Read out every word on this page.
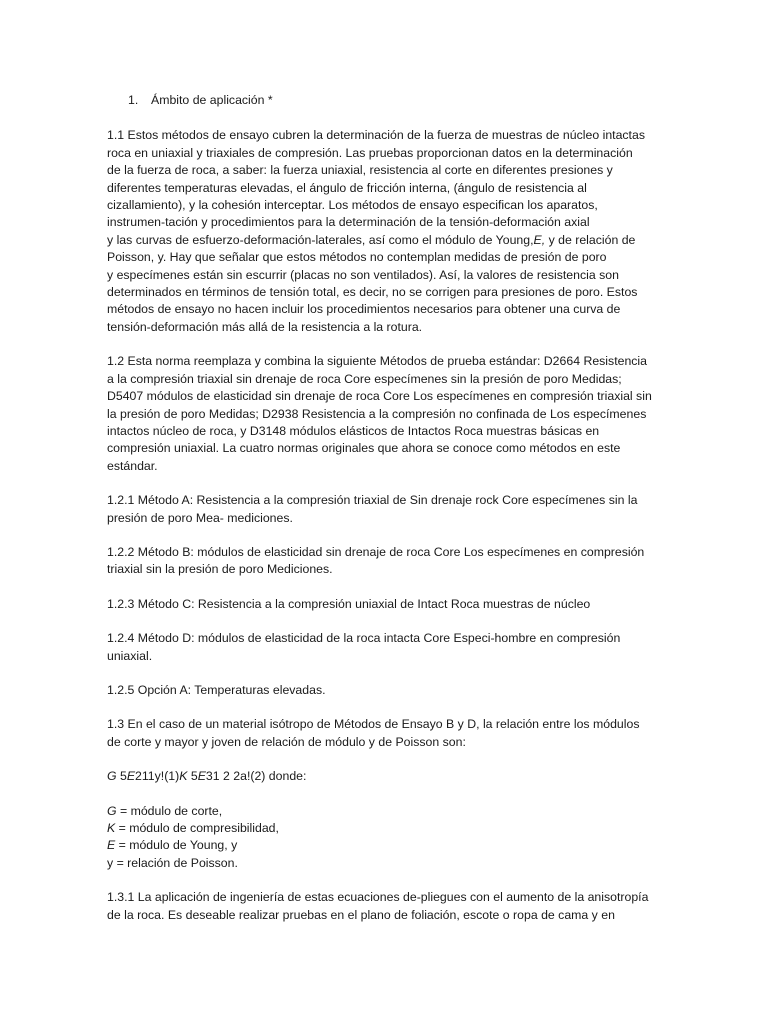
1. Ámbito de aplicación *

1.1 Estos métodos de ensayo cubren la determinación de la fuerza de muestras de núcleo intactas
roca en uniaxial y triaxiales de compresión. Las pruebas proporcionan datos en la determinación
de la fuerza de roca, a saber: la fuerza uniaxial, resistencia al corte en diferentes presiones y
diferentes temperaturas elevadas, el ángulo de fricción interna, (ángulo de resistencia al
cizallamiento), y la cohesión interceptar. Los métodos de ensayo especifican los aparatos,
instrumen-tación y procedimientos para la determinación de la tensión-deformación axial
y las curvas de esfuerzo-deformación-laterales, así como el módulo de Young,E, y de relación de
Poisson, y. Hay que señalar que estos métodos no contemplan medidas de presión de poro
y especímenes están sin escurrir (placas no son ventilados). Así, la valores de resistencia son
determinados en términos de tensión total, es decir, no se corrigen para presiones de poro. Estos
métodos de ensayo no hacen incluir los procedimientos necesarios para obtener una curva de
tensión-deformación más allá de la resistencia a la rotura.

1.2 Esta norma reemplaza y combina la siguiente Métodos de prueba estándar: D2664 Resistencia
a la compresión triaxial sin drenaje de roca Core especímenes sin la presión de poro Medidas;
D5407 módulos de elasticidad sin drenaje de roca Core Los especímenes en compresión triaxial sin
la presión de poro Medidas; D2938 Resistencia a la compresión no confinada de Los especímenes
intactos núcleo de roca, y D3148 módulos elásticos de Intactos Roca muestras básicas en
compresión uniaxial. La cuatro normas originales que ahora se conoce como métodos en este
estándar.

1.2.1 Método A: Resistencia a la compresión triaxial de Sin drenaje rock Core especímenes sin la
presión de poro Mea- mediciones.

1.2.2 Método B: módulos de elasticidad sin drenaje de roca Core Los especímenes en compresión
triaxial sin la presión de poro Mediciones.

1.2.3 Método C: Resistencia a la compresión uniaxial de Intact Roca muestras de núcleo

1.2.4 Método D: módulos de elasticidad de la roca intacta Core Especi-hombre en compresión
uniaxial.

1.2.5 Opción A: Temperaturas elevadas.

1.3 En el caso de un material isótropo de Métodos de Ensayo B y D, la relación entre los módulos
de corte y mayor y joven de relación de módulo y de Poisson son:

G 5E211y!(1)K 5E31 2 2a!(2) donde:
G = módulo de corte,
K = módulo de compresibilidad,
E = módulo de Young, y
y = relación de Poisson.

1.3.1 La aplicación de ingeniería de estas ecuaciones de-pliegues con el aumento de la anisotropía
de la roca. Es deseable realizar pruebas en el plano de foliación, escote o ropa de cama y en
